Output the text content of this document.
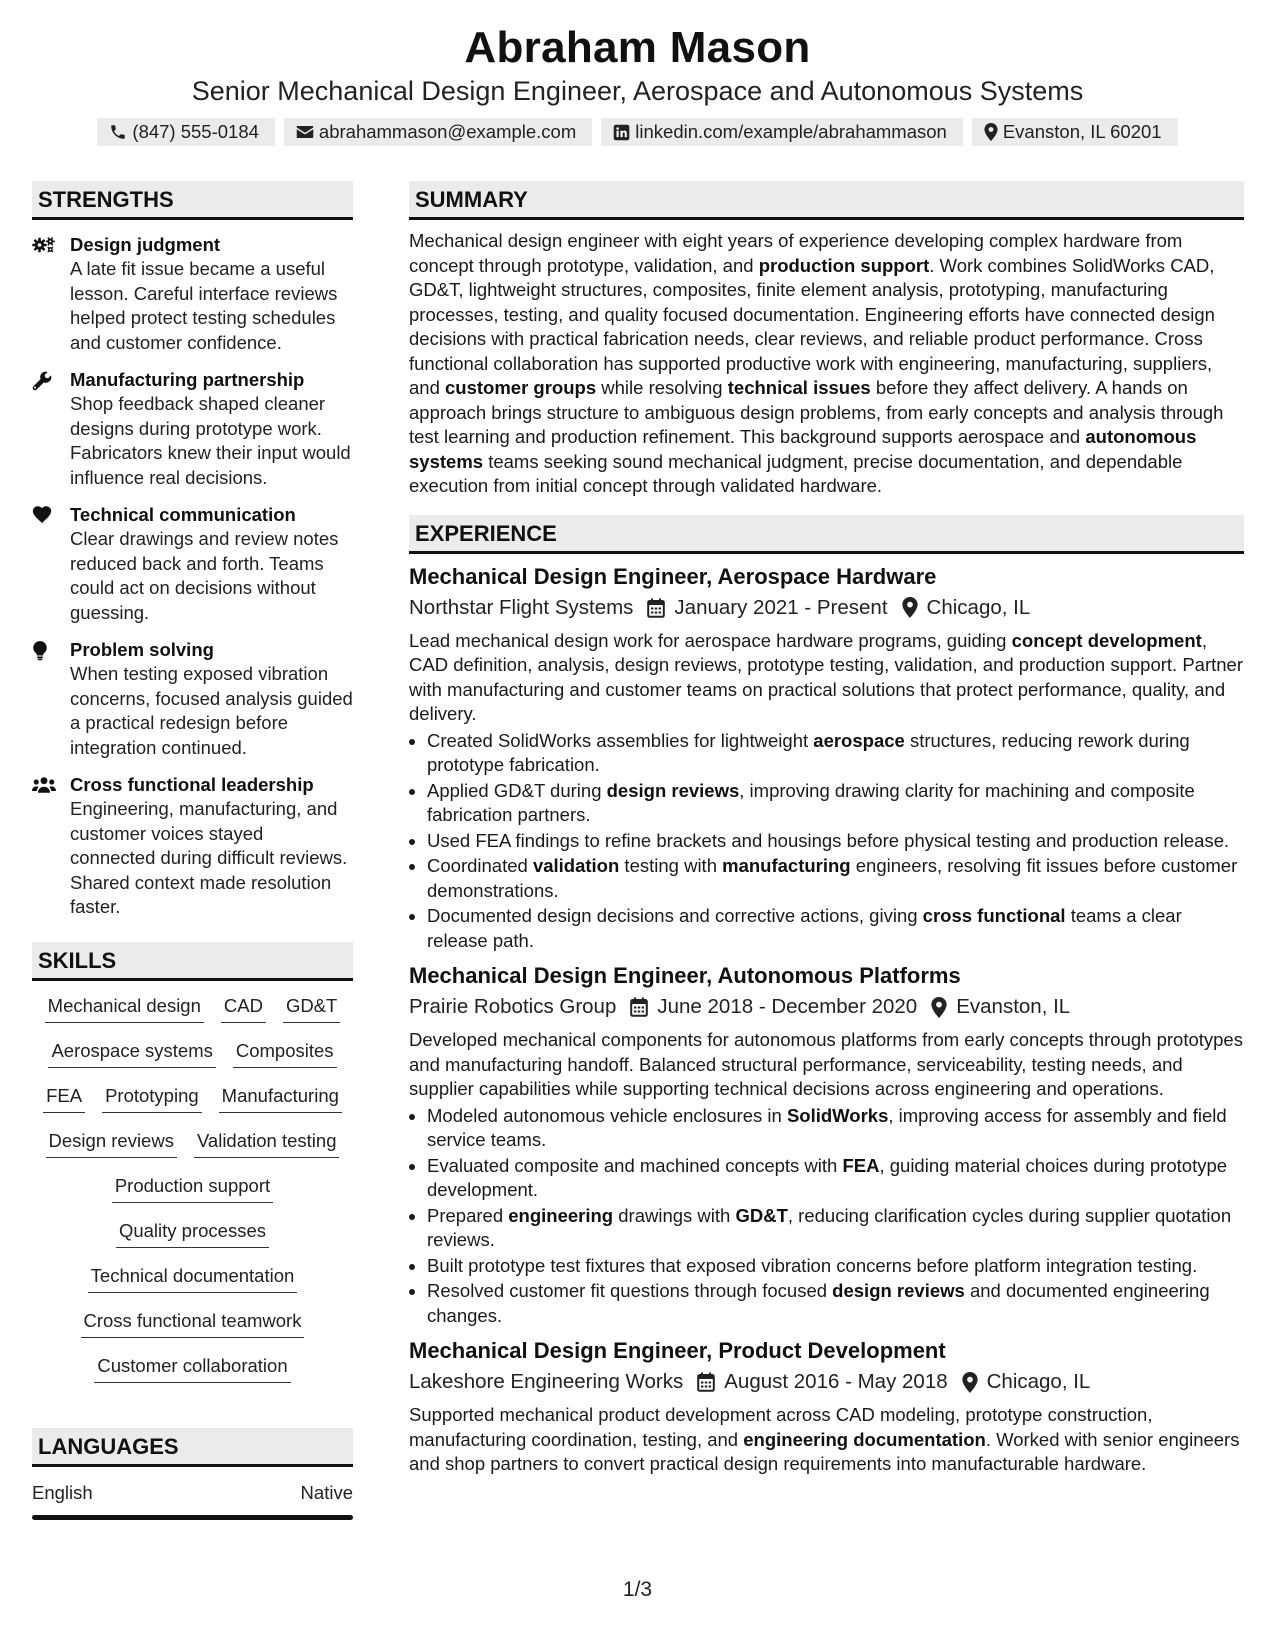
Abraham Mason
Senior Mechanical Design Engineer, Aerospace and Autonomous Systems
(847) 555-0184	abrahammason@example.com	linkedin.com/example/abrahammason	Evanston, IL 60201
STRENGTHS
Design judgment
A late fit issue became a useful lesson. Careful interface reviews helped protect testing schedules and customer confidence.
Manufacturing partnership
Shop feedback shaped cleaner designs during prototype work. Fabricators knew their input would influence real decisions.
Technical communication
Clear drawings and review notes reduced back and forth. Teams could act on decisions without guessing.
Problem solving
When testing exposed vibration concerns, focused analysis guided a practical redesign before integration continued.
Cross functional leadership
Engineering, manufacturing, and customer voices stayed connected during difficult reviews. Shared context made resolution faster.
SKILLS
Mechanical design CAD GD&T
Aerospace systems Composites
FEA Prototyping Manufacturing
Design reviews Validation testing
Production support
Quality processes
Technical documentation
Cross functional teamwork
Customer collaboration
LANGUAGES
English	Native
SUMMARY
Mechanical design engineer with eight years of experience developing complex hardware from concept through prototype, validation, and production support. Work combines SolidWorks CAD, GD&T, lightweight structures, composites, finite element analysis, prototyping, manufacturing processes, testing, and quality focused documentation. Engineering efforts have connected design decisions with practical fabrication needs, clear reviews, and reliable product performance. Cross functional collaboration has supported productive work with engineering, manufacturing, suppliers, and customer groups while resolving technical issues before they affect delivery. A hands on approach brings structure to ambiguous design problems, from early concepts and analysis through test learning and production refinement. This background supports aerospace and autonomous systems teams seeking sound mechanical judgment, precise documentation, and dependable execution from initial concept through validated hardware.
EXPERIENCE
Mechanical Design Engineer, Aerospace Hardware
Northstar Flight Systems January 2021 - Present Chicago, IL
Lead mechanical design work for aerospace hardware programs, guiding concept development, CAD definition, analysis, design reviews, prototype testing, validation, and production support. Partner with manufacturing and customer teams on practical solutions that protect performance, quality, and delivery.
• Created SolidWorks assemblies for lightweight aerospace structures, reducing rework during prototype fabrication.
• Applied GD&T during design reviews, improving drawing clarity for machining and composite fabrication partners.
• Used FEA findings to refine brackets and housings before physical testing and production release.
• Coordinated validation testing with manufacturing engineers, resolving fit issues before customer demonstrations.
• Documented design decisions and corrective actions, giving cross functional teams a clear release path.
Mechanical Design Engineer, Autonomous Platforms
Prairie Robotics Group June 2018 - December 2020 Evanston, IL
Developed mechanical components for autonomous platforms from early concepts through prototypes and manufacturing handoff. Balanced structural performance, serviceability, testing needs, and supplier capabilities while supporting technical decisions across engineering and operations.
• Modeled autonomous vehicle enclosures in SolidWorks, improving access for assembly and field service teams.
• Evaluated composite and machined concepts with FEA, guiding material choices during prototype development.
• Prepared engineering drawings with GD&T, reducing clarification cycles during supplier quotation reviews.
• Built prototype test fixtures that exposed vibration concerns before platform integration testing.
• Resolved customer fit questions through focused design reviews and documented engineering changes.
Mechanical Design Engineer, Product Development
Lakeshore Engineering Works August 2016 - May 2018 Chicago, IL
Supported mechanical product development across CAD modeling, prototype construction, manufacturing coordination, testing, and engineering documentation. Worked with senior engineers and shop partners to convert practical design requirements into manufacturable hardware.
1/3
